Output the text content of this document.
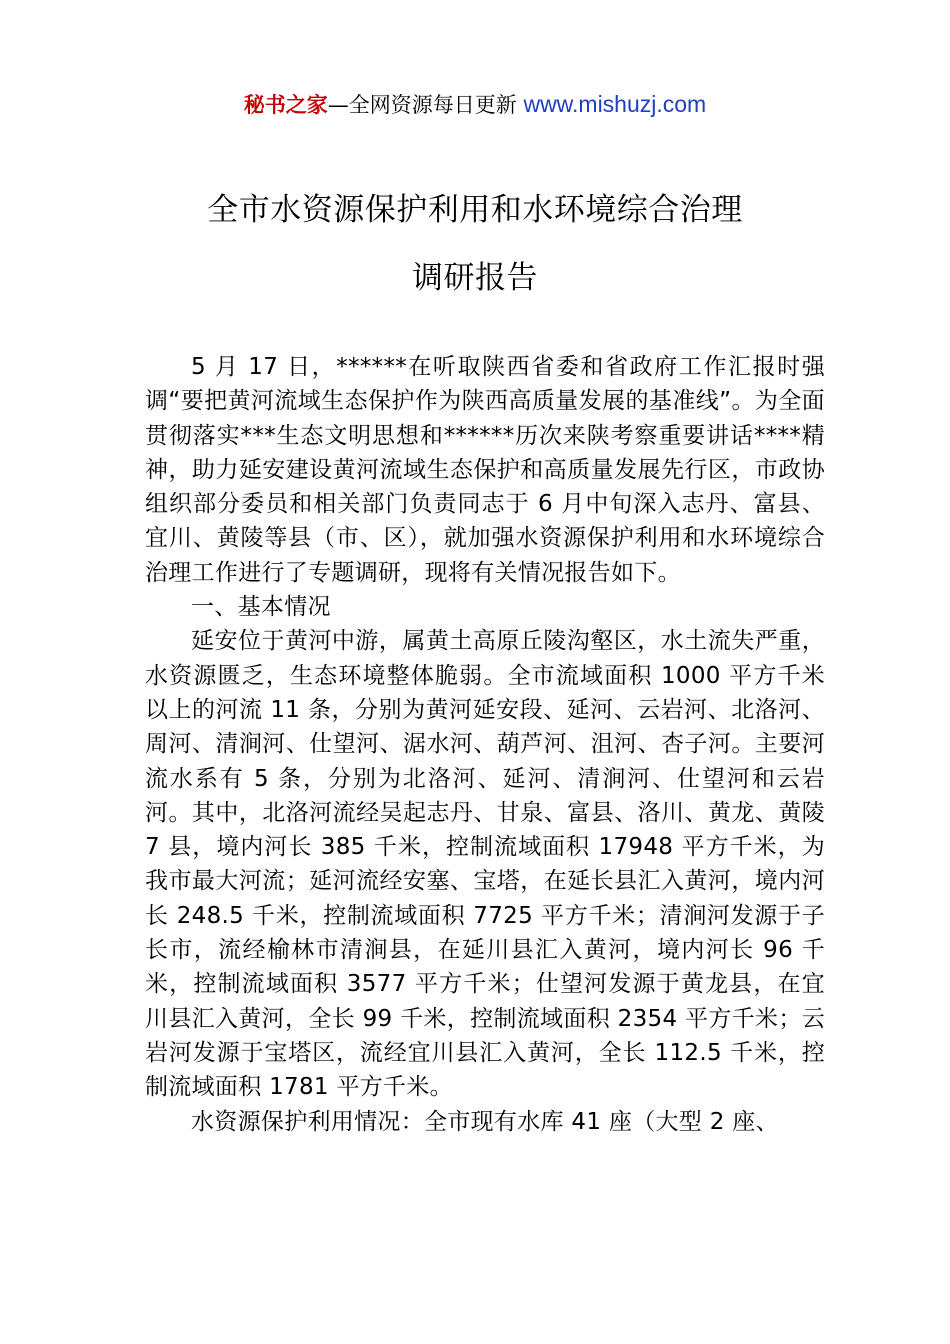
秘书之家—全网资源每日更新 www.mishuzj.com
全市水资源保护利用和水环境综合治理
调研报告

5 月 17 日，******在听取陕西省委和省政府工作汇报时强调“要把黄河流域生态保护作为陕西高质量发展的基准线”。为全面贯彻落实***生态文明思想和******历次来陕考察重要讲话****精神，助力延安建设黄河流域生态保护和高质量发展先行区，市政协组织部分委员和相关部门负责同志于 6 月中旬深入志丹、富县、宜川、黄陵等县（市、区），就加强水资源保护利用和水环境综合治理工作进行了专题调研，现将有关情况报告如下。

一、基本情况

延安位于黄河中游，属黄土高原丘陵沟壑区，水土流失严重，水资源匮乏，生态环境整体脆弱。全市流域面积 1000 平方千米以上的河流 11 条，分别为黄河延安段、延河、云岩河、北洛河、周河、清涧河、仕望河、涺水河、葫芦河、沮河、杏子河。主要河流水系有 5 条，分别为北洛河、延河、清涧河、仕望河和云岩河。其中，北洛河流经吴起志丹、甘泉、富县、洛川、黄龙、黄陵 7 县，境内河长 385 千米，控制流域面积 17948 平方千米，为我市最大河流；延河流经安塞、宝塔，在延长县汇入黄河，境内河长 248.5 千米，控制流域面积 7725 平方千米；清涧河发源于子长市，流经榆林市清涧县，在延川县汇入黄河，境内河长 96 千米，控制流域面积 3577 平方千米；仕望河发源于黄龙县，在宜川县汇入黄河，全长 99 千米，控制流域面积 2354 平方千米；云岩河发源于宝塔区，流经宜川县汇入黄河，全长 112.5 千米，控制流域面积 1781 平方千米。

水资源保护利用情况：全市现有水库 41 座（大型 2 座、
